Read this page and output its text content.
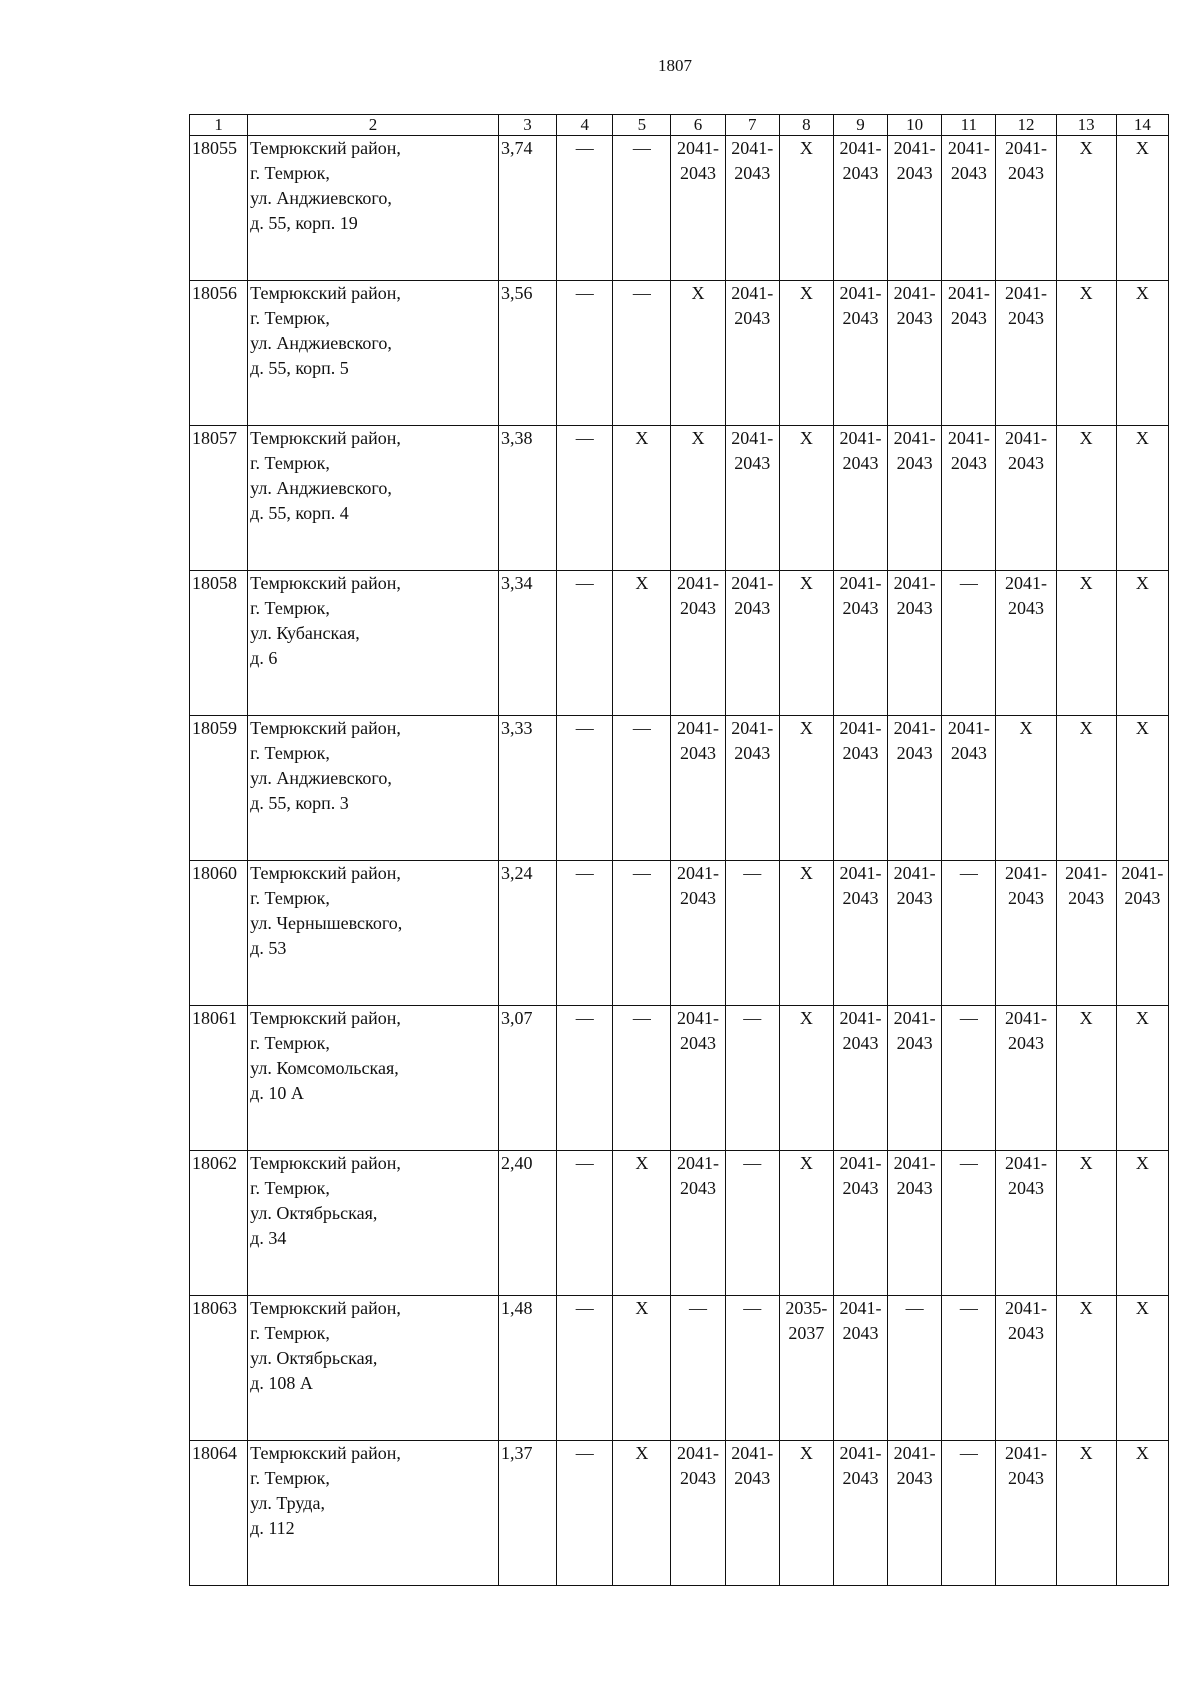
1807
1	2	3	4	5	6	7	8	9	10	11	12	13	14
18055	Темрюкский район,
г. Темрюк,
ул. Анджиевского,
д. 55, корп. 19	3,74	—	—	2041-2043	2041-2043	Х	2041-2043	2041-2043	2041-2043	2041-2043	Х	Х

18056	Темрюкский район,
г. Темрюк,
ул. Анджиевского,
д. 55, корп. 5	3,56	—	—	Х	2041-2043	Х	2041-2043	2041-2043	2041-2043	2041-2043	Х	Х

18057	Темрюкский район,
г. Темрюк,
ул. Анджиевского,
д. 55, корп. 4	3,38	—	Х	Х	2041-2043	Х	2041-2043	2041-2043	2041-2043	2041-2043	Х	Х

18058	Темрюкский район,
г. Темрюк,
ул. Кубанская,
д. 6	3,34	—	Х	2041-2043	2041-2043	Х	2041-2043	2041-2043	—	2041-2043	Х	Х

18059	Темрюкский район,
г. Темрюк,
ул. Анджиевского,
д. 55, корп. 3	3,33	—	—	2041-2043	2041-2043	Х	2041-2043	2041-2043	2041-2043	Х	Х	Х

18060	Темрюкский район,
г. Темрюк,
ул. Чернышевского,
д. 53	3,24	—	—	2041-2043	—	Х	2041-2043	2041-2043	—	2041-2043	2041-2043	2041-2043

18061	Темрюкский район,
г. Темрюк,
ул. Комсомольская,
д. 10 А	3,07	—	—	2041-2043	—	Х	2041-2043	2041-2043	—	2041-2043	Х	Х

18062	Темрюкский район,
г. Темрюк,
ул. Октябрьская,
д. 34	2,40	—	Х	2041-2043	—	Х	2041-2043	2041-2043	—	2041-2043	Х	Х

18063	Темрюкский район,
г. Темрюк,
ул. Октябрьская,
д. 108 А	1,48	—	Х	—	—	2035-2037	2041-2043	—	—	2041-2043	Х	Х

18064	Темрюкский район,
г. Темрюк,
ул. Труда,
д. 112	1,37	—	Х	2041-2043	2041-2043	Х	2041-2043	2041-2043	—	2041-2043	Х	Х
